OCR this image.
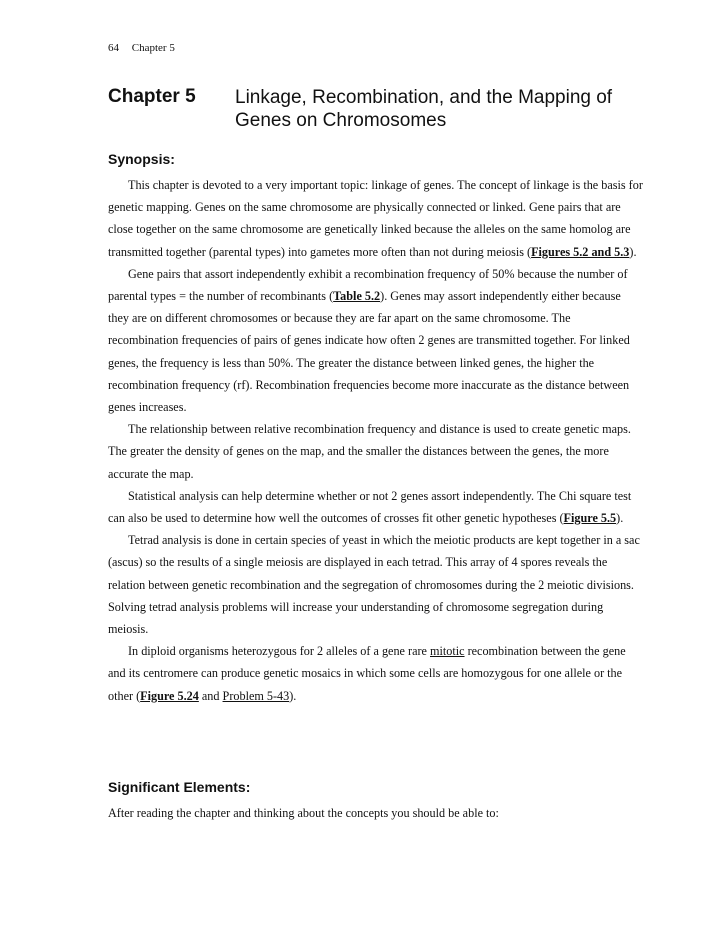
64 Chapter 5
Chapter 5 Linkage, Recombination, and the Mapping of Genes on Chromosomes
Synopsis:

This chapter is devoted to a very important topic: linkage of genes. The concept of linkage is the basis for genetic mapping. Genes on the same chromosome are physically connected or linked. Gene pairs that are close together on the same chromosome are genetically linked because the alleles on the same homolog are transmitted together (parental types) into gametes more often than not during meiosis (Figures 5.2 and 5.3).

Gene pairs that assort independently exhibit a recombination frequency of 50% because the number of parental types = the number of recombinants (Table 5.2). Genes may assort independently either because they are on different chromosomes or because they are far apart on the same chromosome. The recombination frequencies of pairs of genes indicate how often 2 genes are transmitted together. For linked genes, the frequency is less than 50%. The greater the distance between linked genes, the higher the recombination frequency (rf). Recombination frequencies become more inaccurate as the distance between genes increases.

The relationship between relative recombination frequency and distance is used to create genetic maps. The greater the density of genes on the map, and the smaller the distances between the genes, the more accurate the map.

Statistical analysis can help determine whether or not 2 genes assort independently. The Chi square test can also be used to determine how well the outcomes of crosses fit other genetic hypotheses (Figure 5.5).

Tetrad analysis is done in certain species of yeast in which the meiotic products are kept together in a sac (ascus) so the results of a single meiosis are displayed in each tetrad. This array of 4 spores reveals the relation between genetic recombination and the segregation of chromosomes during the 2 meiotic divisions. Solving tetrad analysis problems will increase your understanding of chromosome segregation during meiosis.

In diploid organisms heterozygous for 2 alleles of a gene rare mitotic recombination between the gene and its centromere can produce genetic mosaics in which some cells are homozygous for one allele or the other (Figure 5.24 and Problem 5-43).

Significant Elements:
After reading the chapter and thinking about the concepts you should be able to:
